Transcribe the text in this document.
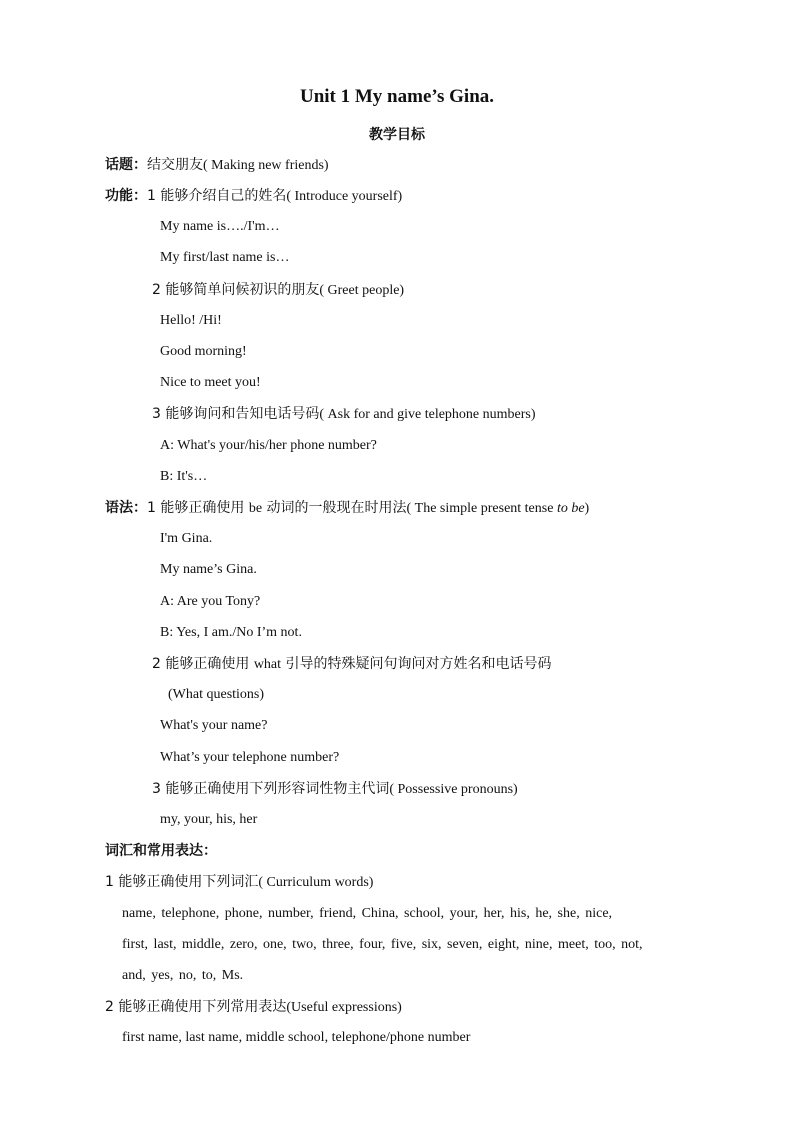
Unit 1 My name’s Gina.
教学目标
话题：结交朋友( Making new friends)
功能：1 能够介绍自己的姓名( Introduce yourself)
My name is…./I'm…
My first/last name is…
2 能够简单问候初识的朋友( Greet people)
Hello! /Hi!
Good morning!
Nice to meet you!
3 能够询问和告知电话号码( Ask for and give telephone numbers)
A: What's your/his/her phone number?
B: It's…
语法：1 能够正确使用 be 动词的一般现在时用法( The simple present tense to be)
I'm Gina.
My name’s Gina.
A: Are you Tony?
B: Yes, I am./No I’m not.
2 能够正确使用 what 引导的特殊疑问句询问对方姓名和电话号码
(What questions)
What's your name?
What’s your telephone number?
3 能够正确使用下列形容词性物主代词( Possessive pronouns)
my, your, his, her
词汇和常用表达：
1 能够正确使用下列词汇( Curriculum words)
name, telephone, phone, number, friend, China, school, your, her, his, he, she, nice,
first, last, middle, zero, one, two, three, four, five, six, seven, eight, nine, meet, too, not,
and, yes, no, to, Ms.
2 能够正确使用下列常用表达(Useful expressions)
first name, last name, middle school, telephone/phone number
